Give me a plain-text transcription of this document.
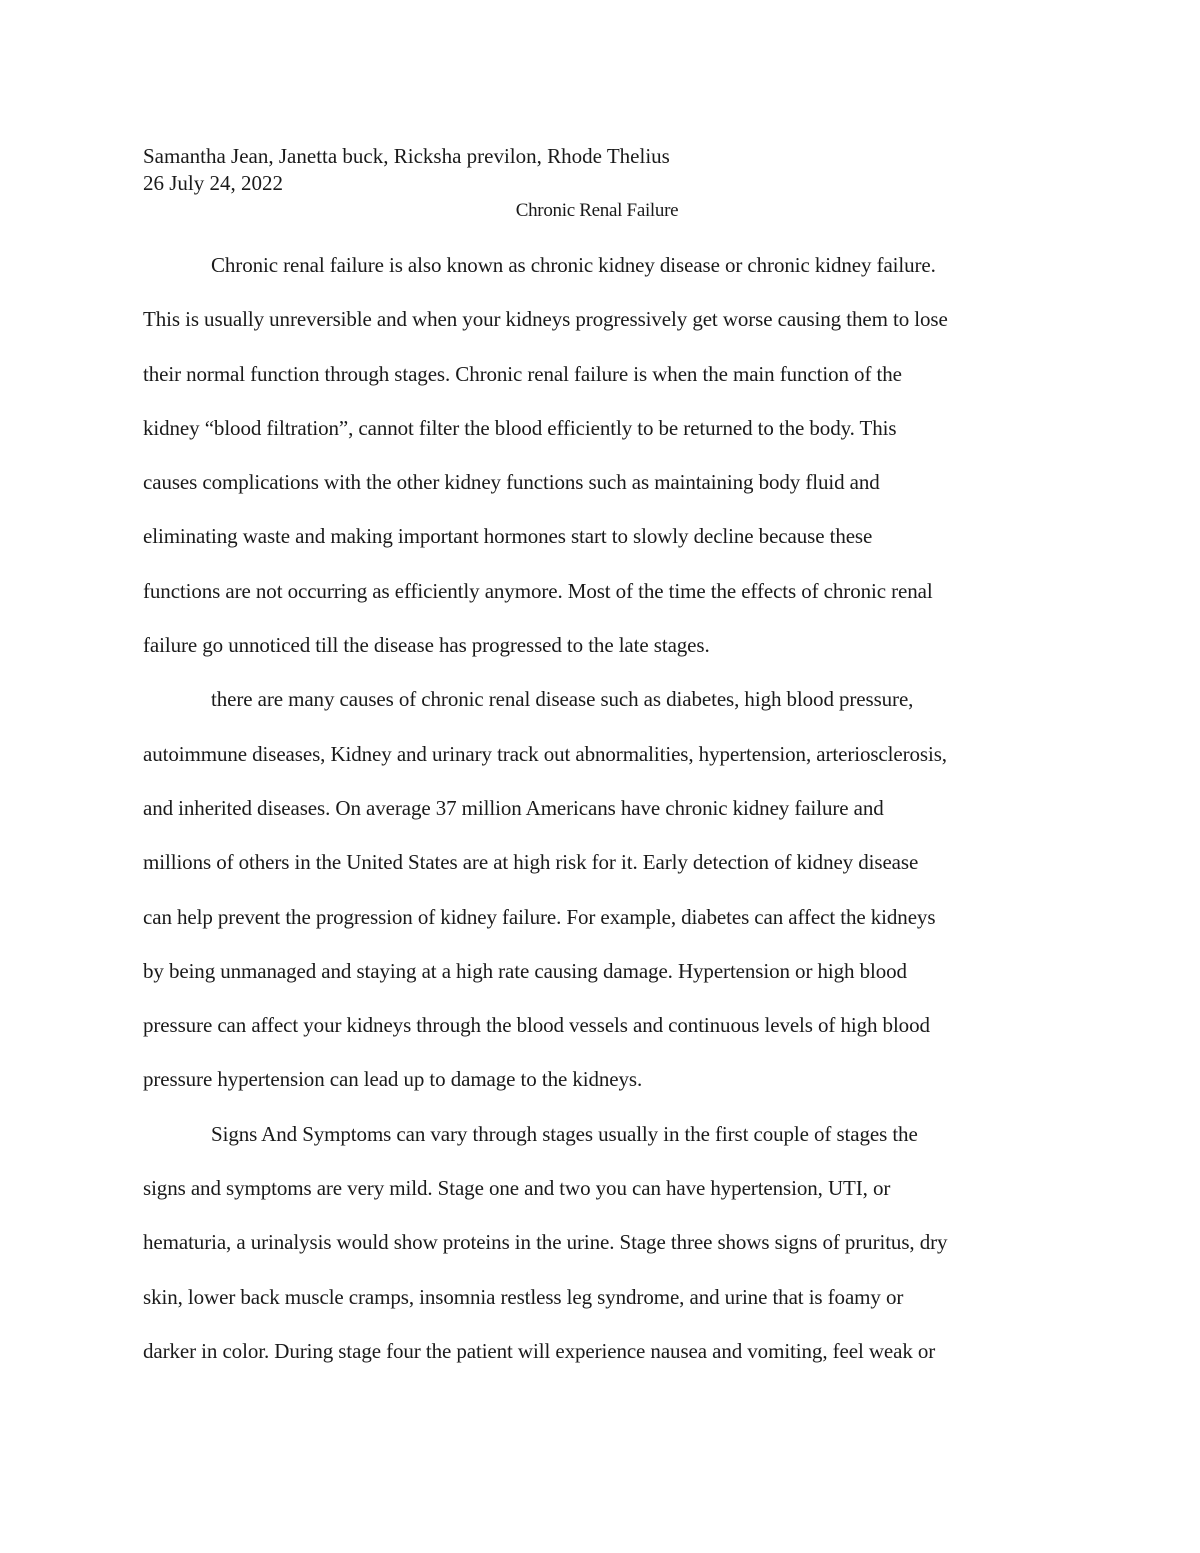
Samantha Jean, Janetta buck, Ricksha previlon, Rhode Thelius
26 July 24, 2022
Chronic Renal Failure
Chronic renal failure is also known as chronic kidney disease or chronic kidney failure.
This is usually unreversible and when your kidneys progressively get worse causing them to lose
their normal function through stages. Chronic renal failure is when the main function of the
kidney “blood filtration”, cannot filter the blood efficiently to be returned to the body. This
causes complications with the other kidney functions such as maintaining body fluid and
eliminating waste and making important hormones start to slowly decline because these
functions are not occurring as efficiently anymore. Most of the time the effects of chronic renal
failure go unnoticed till the disease has progressed to the late stages.
there are many causes of chronic renal disease such as diabetes, high blood pressure,
autoimmune diseases, Kidney and urinary track out abnormalities, hypertension, arteriosclerosis,
and inherited diseases. On average 37 million Americans have chronic kidney failure and
millions of others in the United States are at high risk for it. Early detection of kidney disease
can help prevent the progression of kidney failure. For example, diabetes can affect the kidneys
by being unmanaged and staying at a high rate causing damage. Hypertension or high blood
pressure can affect your kidneys through the blood vessels and continuous levels of high blood
pressure hypertension can lead up to damage to the kidneys.
Signs And Symptoms can vary through stages usually in the first couple of stages the
signs and symptoms are very mild. Stage one and two you can have hypertension, UTI, or
hematuria, a urinalysis would show proteins in the urine. Stage three shows signs of pruritus, dry
skin, lower back muscle cramps, insomnia restless leg syndrome, and urine that is foamy or
darker in color. During stage four the patient will experience nausea and vomiting, feel weak or
